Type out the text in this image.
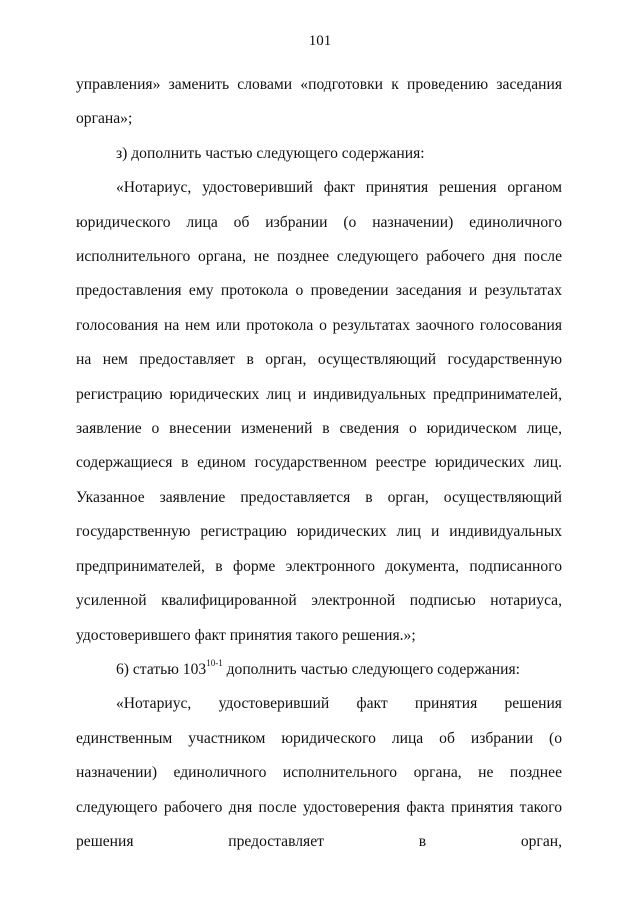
101

управления» заменить словами «подготовки к проведению заседания органа»;

з) дополнить частью следующего содержания:

«Нотариус, удостоверивший факт принятия решения органом юридического лица об избрании (о назначении) единоличного исполнительного органа, не позднее следующего рабочего дня после предоставления ему протокола о проведении заседания и результатах голосования на нем или протокола о результатах заочного голосования на нем предоставляет в орган, осуществляющий государственную регистрацию юридических лиц и индивидуальных предпринимателей, заявление о внесении изменений в сведения о юридическом лице, содержащиеся в едином государственном реестре юридических лиц. Указанное заявление предоставляется в орган, осуществляющий государственную регистрацию юридических лиц и индивидуальных предпринимателей, в форме электронного документа, подписанного усиленной квалифицированной электронной подписью нотариуса, удостоверившего факт принятия такого решения.»;

6) статью 103$^{10-1}$ дополнить частью следующего содержания:

«Нотариус, удостоверивший факт принятия решения единственным участником юридического лица об избрании (о назначении) единоличного исполнительного органа, не позднее следующего рабочего дня после удостоверения факта принятия такого решения предоставляет в орган,
